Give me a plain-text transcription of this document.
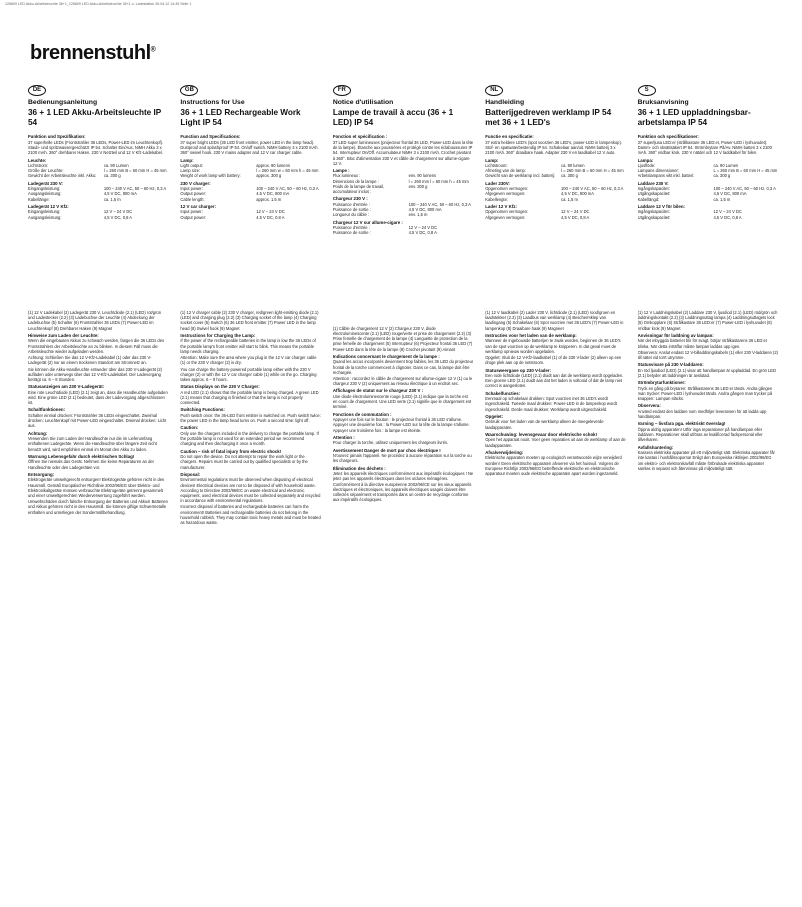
126809 LED Akku-Arbeitsleuchte 36+1_126809 LED Akku-Arbeitsleuchte 36+1 o. Ladestation 26.04.12 14:49 Seite 1
brennenstuhl®
DE
Bedienungsanleitung
36 + 1 LED Akku-Arbeitsleuchte IP 54
Funktion und Spezifikation:
37 superhelle LEDs (Frontstrahler 36 LEDs, Power-LED im Leuchtenkopf). Staub- und spritzwassergeschützt IP 54. Schalter Ein/Aus. NiMH Akku 3 x 2100 mAh. 360° drehbarer Haken. 230 V Netzteil und 12 V Kfz-Ladekabel.
Leuchte:
Lichtstrom:	ca. 90 Lumen
Größe der Leuchte:	l = 260 mm B = 60 mm H = 45 mm
Gewicht der Arbeitsleuchte inkl. Akku:	ca. 300 g
Ladegerät 230 V:
Eingangsleistung:	100 – 240 V AC, 50 – 60 Hz, 0,3 A
Ausgangsleistung:	4,5 V DC, 800 mA
Kabellänge:	ca. 1,5 m
Ladegerät 12 V Kfz:
Eingangsleistung:	12 V – 24 V DC
Ausgangsleistung:	4,5 V DC, 0,8 A
(1) 12 V Ladekabel (2) Ladegerät 230 V, Leuchtdiode (2.1) (LED) rot/grün und Ladestecker (2.2) (3) Ladebuchse der Leuchte (4) Abdeckung der Ladebuchse (5) Schalter (6) Frontstrahler 36 LEDs (7) Power-LED im Leuchtenkopf (8) Drehbarer Haken (9) Magnet
Hinweise zum Laden der Leuchte:
Wenn die eingebauten Akkus zu schwach werden, fangen die 36 LEDs des Frontstrahlers der Arbeitsleuchte an zu blinken. In diesem Fall muss die Arbeitsleuchte wieder aufgeladen werden.
Achtung: Schließen Sie das 12 V-Kfz-Ladekabel (1) oder das 230 V-Ladegerät (2) nur an einem trockenen Standort am Stromnetz an.
Sie können die Akku-Handleuchte entweder über das 230 V-Ladegerät (2) aufladen oder unterwegs über das 12 V-Kfz-Ladekabel. Der Ladevorgang beträgt ca. 6 – 8 Stunden.
Statusanzeigen am 230 V-Ladegerät:
Eine rote Leuchtdiode (LED) (2.1) zeigt an, dass die Handleuchte aufgeladen wird. Eine grüne LED (2.1) bedeutet, dass der Ladevorgang abgeschlossen ist.
Schaltfunktionen:
Schalter einmal drücken: Frontstrahler 36 LEDs eingeschaltet. Zweimal drücken: Leuchtenkopf mit Power-LED eingeschaltet. Dreimal drücken: Licht aus.
Achtung:
Verwenden Sie zum Laden der Handleuchte nur die im Lieferumfang enthaltenen Ladegeräte. Wenn die Handleuchte über längere Zeit nicht benutzt wird, wird empfohlen einmal im Monat den Akku zu laden.
Warnung Lebensgefahr durch elektrischen Schlag!
Öffnen Sie niemals das Gerät. Nehmen Sie keine Reparaturen an der Handleuchte oder den Ladegeräten vor.
Entsorgung:
Elektrogeräte umweltgerecht entsorgen! Elektrogeräte gehören nicht in den Hausmüll. Gemäß Europäischer Richtlinie 2002/96/EG über Elektro- und Elektronikaltgeräte müssen verbrauchte Elektrogeräte getrennt gesammelt und einer umweltgerechten Wiederverwertung zugeführt werden.
Umweltschäden durch falsche Entsorgung der Batterien und Akkus! Batterien und Akkus gehören nicht in den Hausmüll. Sie können giftige Schwermetalle enthalten und unterliegen der Sondermüllbehandlung.
GB
Instructions for Use
36 + 1 LED Rechargeable Work Light IP 54
Function and Specifications:
37 super bright LEDs (36 LED front emitter, power LED in the lamp head). Dustproof and splashproof IP 54. On/off switch. NiMH battery 3 x 2100 mAh. 360° swivel hook. 230 V mains adapter and 12 V car charger cable.
Lamp:
Light output:	approx. 90 lumens
Lamp size:	l = 260 mm w = 60 mm h = 45 mm
Weight of work lamp with battery:	approx. 300 g
230 V charger:
Input power:	100 – 240 V AC, 50 – 60 Hz, 0.3 A
Output power:	4.5 V DC, 800 mA
Cable length:	approx. 1.5 m
12 V car charger:
Input power:	12 V – 24 V DC
Output power:	4.5 V DC, 0.8 A
(1) 12 V charger cable (2) 230 V charger, red/green light-emitting diode (2.1) (LED) and charging plug (2.2) (3) Charging socket of the lamp (4) Charging socket cover (5) Switch (6) 36 LED front emitter (7) Power LED in the lamp head (8) Swivel hook (9) Magnet
Instructions for Charging the Lamp:
If the power of the rechargeable batteries in the lamp is low the 36 LEDs of the portable lamp's front emitter will start to blink. This means the portable lamp needs charging.
Attention: Make sure the area where you plug in the 12 V car charger cable (1) or the 230 V charger (2) is dry.
You can charge the battery-powered portable lamp either with the 230 V charger (2) or with the 12 V car charger cable (1) while on the go. Charging takes approx. 6 – 8 hours.
Status Displays on the 230 V Charger:
A red LED (2.1) shows that the portable lamp is being charged. A green LED (2.1) means that charging is finished or that the lamp is not properly connected.
Switching Functions:
Push switch once: the 36-LED front emitter is switched on. Push switch twice: the power LED in the lamp head turns on. Push a second time: light off.
Caution:
Only use the chargers included in the delivery to charge the portable lamp. If the portable lamp is not used for an extended period we recommend charging and then discharging it once a month.
Caution – risk of fatal injury from electric shock!
Do not open the device. Do not attempt to repair the work light or the chargers. Repairs must be carried out by qualified specialists or by the manufacturer.
Disposal:
Environmental regulations must be observed when disposing of electrical devices! Electrical devices are not to be disposed of with household waste. According to Directive 2002/96/EC on waste electrical and electronic equipment, used electrical devices must be collected separately and recycled in accordance with environmental regulations.
Incorrect disposal of batteries and rechargeable batteries can harm the environment! Batteries and rechargeable batteries do not belong in the household rubbish. They may contain toxic heavy metals and must be treated as hazardous waste.
FR
Notice d'utilisation
Lampe de travail à accu (36 + 1 LED) IP 54
Fonction et spécification :
37 LED super lumineuses (projecteur frontal 36 LED, Power-LED dans la tête de la lampe). Étanche aux poussières et protégé contre les éclaboussures IP 54. Interrupteur On/Off. Accumulateur NiMH 3 x 2100 mAh. Crochet pivotant à 360°. Bloc d'alimentation 230 V et câble de chargement sur allume-cigare 12 V.
Lampe :
Flux lumineux :	env. 90 lumens
Dimensions de la lampe :	l = 260 mm l = 60 mm h = 45 mm
Poids de la lampe de travail, accumulateur inclus :
env. 300 g
Chargeur 230 V :
Puissance d'entrée :	100 – 240 V AC, 50 – 60 Hz, 0,3 A
Puissance de sortie :	4,5 V DC, 800 mA
Longueur du câble :	env. 1,5 m
Chargeur 12 V sur allume-cigare :
Puissance d'entrée :	12 V – 24 V DC
Puissance de sortie :	4,5 V DC, 0,8 A
(1) Câble de chargement 12 V (2) Chargeur 230 V, diode électroluminescente (2.1) (LED) rouge/verte et prise de chargement (2.2) (3) Prise femelle de chargement de la lampe (4) Languette de protection de la prise femelle de chargement (5) Interrupteur (6) Projecteur frontal 36 LED (7) Power-LED dans la tête de la lampe (8) Crochet pivotant (9) Aimant
Indications concernant le chargement de la lampe :
Quand les accus incorporés deviennent trop faibles, les 36 LED du projecteur frontal de la torche commencent à clignoter. Dans ce cas, la lampe doit être rechargée.
Attention : raccordez le câble de chargement sur allume-cigare 12 V (1) ou le chargeur 230 V (2) uniquement au réseau électrique à un endroit sec.
Affichages de statut sur le chargeur 230 V :
Une diode électroluminescente rouge (LED) (2.1) indique que la torche est en cours de chargement. Une LED verte (2.1) signifie que le chargement est terminé.
Fonctions de commutation :
Appuyer une fois sur le bouton : le projecteur frontal à 36 LED s'allume. Appuyer une deuxième fois : la Power-LED sur la tête de la lampe s'allume. Appuyer une troisième fois : la lampe est éteinte.
Attention :
Pour charger la torche, utilisez uniquement les chargeurs livrés.
Avertissement Danger de mort par choc électrique !
N'ouvrez jamais l'appareil. Ne procédez à aucune réparation sur la torche ou les chargeurs.
Élimination des déchets :
Jetez les appareils électriques conformément aux impératifs écologiques ! Ne jetez pas les appareils électriques dans les ordures ménagères. Conformément à la directive européenne 2002/96/CE sur les vieux appareils électriques et électroniques, les appareils électriques usagés doivent être collectés séparément et transportés dans un centre de recyclage conforme aux impératifs écologiques.
NL
Handleiding
Batterijgedreven werklamp IP 54 met 36 + 1 LED's
Functie en specificatie:
37 extra heldere LED's (spot voorzien 36 LED's, power-LED in lampenkop). Stof- en spatwaterbestendig IP 54. Schakelaar aan/uit. NiMH batterij 3 x 2100 mAh. 360° draaibare haak. Adapter 230 V en laadkabel 12 V auto.
Lamp:
Lichtstroom:	ca. 90 lumen
Afmeting van de lamp:	l = 260 mm B = 60 mm H = 45 mm
Gewicht van de werklamp incl. batterij:	ca. 300 g
Lader 230V:
Opgenomen vermogen:	100 – 240 V AC, 50 – 60 Hz, 0,3 A
Afgegeven vermogen:	4,5 V DC, 800 mA
Kabellengte:	ca. 1,5 m
Lader 12 V Kfz:
Opgenomen vermogen:	12 V – 24 V DC
Afgegeven vermogen:	4,5 V DC, 0,8 A
(1) 12 V laadkabel (2) Lader 230 V, lichtdiode (2.1) (LED) rood/groen en laadstekker (2.2) (3) Laadbus van werklamp (4) Beschermklep van laadingang (5) Schakelaar (6) Spot voorzien met 36 LED's (7) Power-LED in lampenkop (8) Draaibare haak (9) Magneet
Instructies voor het laden van de werklamp:
Wanneer de ingebouwde batterijen te zwak worden, beginnen de 36 LED's van de spot voorzien op de werklamp te knipperen. In dat geval moet de werklamp opnieuw worden opgeladen.
Opgelet: Sluit de 12 V-Kfz-laadkabel (1) of de 230 V-lader (2) alleen op een droge plek aan op de netstroom.
Statusweergave op 230 V-lader:
Een rode lichtdiode (LED) (2.1) duidt aan dat de werklamp wordt opgeladen. Een groene LED (2.1) duidt aan dat het laden is voltooid of dat de lamp niet correct is aangesloten.
Schakelfuncties:
Eenmaal op schakelaar drukken: Spot voorzien met 36 LED's wordt ingeschakeld. Tweede maal drukken: Power-LED in de lampenkop wordt ingeschakeld. Derde maal drukken: Werklamp wordt uitgeschakeld.
Opgelet:
Gebruik voor het laden van de werklamp alleen de meegeleverde laadapparaten.
Waarschuwing: levensgevaar door elektrische schok!
Open het apparaat nooit. Voer geen reparaties uit aan de werklamp of aan de laadapparaten.
Afvalverwijdering:
Elektrische apparaten moeten op ecologisch verantwoorde wijze verwijderd worden! Geen elektrische apparaten afvoeren via het huisvuil. Volgens de Europese Richtlijn 2002/96/EG betreffende elektrische en elektronische apparatuur moeten oude elektrische apparaten apart worden ingezameld.
S
Bruksanvisning
36 + 1 LED uppladdningsbar-arbetslampa IP 54
Funktion och specifikationer:
37 superljusa LED:er (strålkastare 36 LED:er, Power-LED i lyshuvudet). Damm- och skvättsäkert IP 54. Strömbrytare På/Av. NiMH batteri 3 x 2100 mAh. 360° vridbar krok. 230 V nätdel och 12 V laddkabel för bilen.
Lampa:
Ljusflöde:	ca. 90 Lumen
Lampans dimensioner:	L = 260 mm B = 60 mm H = 45 mm
Arbetslampans vikt inkl. batteri:	ca. 300 g
Laddare 230 V:
Ingångskapacitet:	100 – 240 V AC, 50 – 60 Hz, 0,3 A
Utgångskapacitet:	4,5 V DC, 800 mA
Kabellängd:	ca. 1,5 m
Laddare 12 V för bilen:
Ingångskapacitet:	12 V – 24 V DC
Utgångskapacitet:	4,5 V DC, 0,8 A
(1) 12 V Laddningskabel (2) Laddare 230 V, ljusdiod (2.1) (LED) röd/grön och laddningskontakt (2.2) (3) Laddningsuttag lampa (4) Laddningsuttagets lock (5) Omkopplare (6) Strålkastare 36 LED:er (7) Power-LED i lyshuvudet (8) Vridbar krok (9) Magnet
Anvisningar för laddning av lampan:
När det inbyggda batteriet blir för svagt, börjar strålkastarens 36 LED:er blinka. När detta inträffar måste lampan laddas upp igen.
Observera: Anslut endast 12 V-billaddningskabeln (1) eller 230 V-laddaren (2) till nätet vid torrt utrymme.
Statusvisare på 230 V-laddaren:
En röd ljusdiod (LED) (2.1) visar att handlampan är uppladdad. En grön LED (2.1) betyder att laddningen är avslutad.
Strömbrytarfunktioner:
Tryck en gång på brytaren: Strålkastarens 36 LED:er tänds. Andra gången man trycker: Power-LED i lyshuvudet tänds. Andra gången man trycker på knappen: Lampan släcks.
Observera:
Använd endast den laddare som medföljer leveransen för att ladda upp handlampan.
Varning – livsfara pga. elektriskt överslag!
Öppna aldrig apparaten! Utför inga reparationer på handlampan eller laddaren. Reparationer skall utföras av kvalificerad fackpersonal eller tillverkaren.
Avfallshantering:
Kassera elektriska apparater på ett miljövänligt sätt. Elektriska apparater får inte kastas i hushållssoporna! Enligt den Europeiska riktlinjen 2002/96/EG om elektro- och elektronikavfall måste förbrukade elektriska apparater samlas in separat och återvinnas på miljövänligt sätt.
